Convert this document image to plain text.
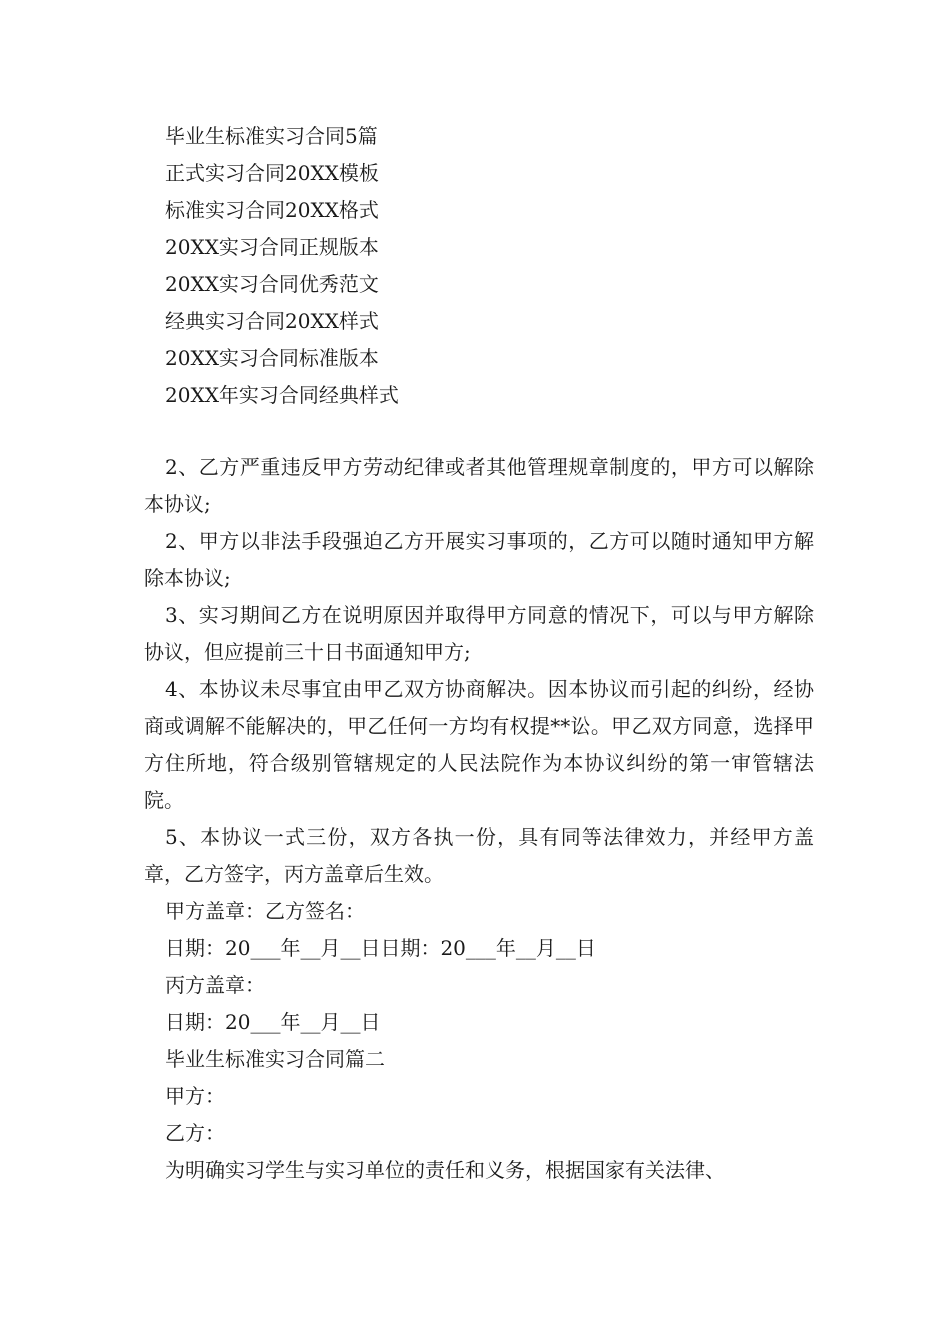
毕业生标准实习合同5篇
正式实习合同20XX模板
标准实习合同20XX格式
20XX实习合同正规版本
20XX实习合同优秀范文
经典实习合同20XX样式
20XX实习合同标准版本
20XX年实习合同经典样式

2、乙方严重违反甲方劳动纪律或者其他管理规章制度的，甲方可以解除本协议;

2、甲方以非法手段强迫乙方开展实习事项的，乙方可以随时通知甲方解除本协议;

3、实习期间乙方在说明原因并取得甲方同意的情况下，可以与甲方解除协议，但应提前三十日书面通知甲方;

4、本协议未尽事宜由甲乙双方协商解决。因本协议而引起的纠纷，经协商或调解不能解决的，甲乙任何一方均有权提**讼。甲乙双方同意，选择甲方住所地，符合级别管辖规定的人民法院作为本协议纠纷的第一审管辖法院。

5、本协议一式三份，双方各执一份，具有同等法律效力，并经甲方盖章，乙方签字，丙方盖章后生效。

甲方盖章：乙方签名：
日期：20___年__月__日日期：20___年__月__日
丙方盖章：
日期：20___年__月__日
毕业生标准实习合同篇二
甲方：
乙方：
为明确实习学生与实习单位的责任和义务，根据国家有关法律、
